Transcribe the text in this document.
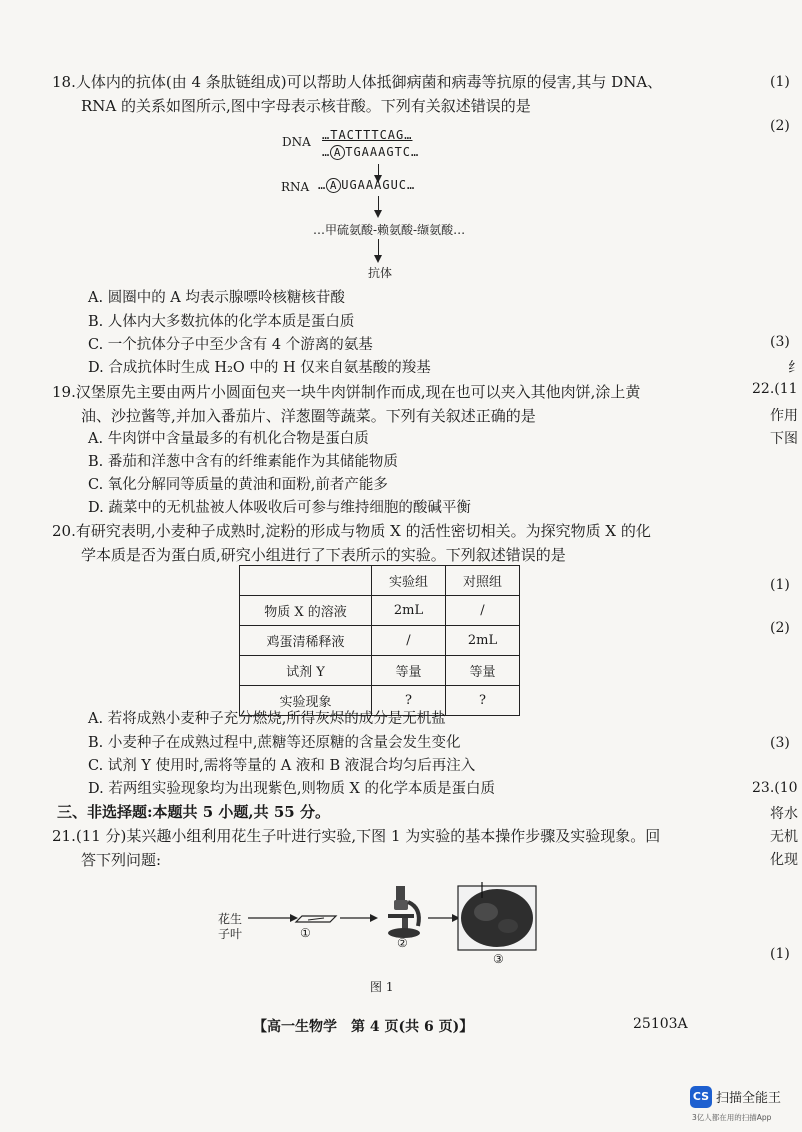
18.人体内的抗体(由 4 条肽链组成)可以帮助人体抵御病菌和病毒等抗原的侵害,其与 DNA、
RNA 的关系如图所示,图中字母表示核苷酸。下列有关叙述错误的是
DNA …TACTTTCAG…
… A TGAAAGTC…
RNA … A UGAAAGUC…
…甲硫氨酸-赖氨酸-缬氨酸…
抗体
A. 圆圈中的 A 均表示腺嘌呤核糖核苷酸
B. 人体内大多数抗体的化学本质是蛋白质
C. 一个抗体分子中至少含有 4 个游离的氨基
D. 合成抗体时生成 H₂O 中的 H 仅来自氨基酸的羧基
19.汉堡原先主要由两片小圆面包夹一块牛肉饼制作而成,现在也可以夹入其他肉饼,涂上黄
油、沙拉酱等,并加入番茄片、洋葱圈等蔬菜。下列有关叙述正确的是
A. 牛肉饼中含量最多的有机化合物是蛋白质
B. 番茄和洋葱中含有的纤维素能作为其储能物质
C. 氧化分解同等质量的黄油和面粉,前者产能多
D. 蔬菜中的无机盐被人体吸收后可参与维持细胞的酸碱平衡
20.有研究表明,小麦种子成熟时,淀粉的形成与物质 X 的活性密切相关。为探究物质 X 的化
学本质是否为蛋白质,研究小组进行了下表所示的实验。下列叙述错误的是
	实验组	对照组
物质 X 的溶液	2mL	/
鸡蛋清稀释液	/	2mL
试剂 Y	等量	等量
实验现象	?	?
A. 若将成熟小麦种子充分燃烧,所得灰烬的成分是无机盐
B. 小麦种子在成熟过程中,蔗糖等还原糖的含量会发生变化
C. 试剂 Y 使用时,需将等量的 A 液和 B 液混合均匀后再注入
D. 若两组实验现象均为出现紫色,则物质 X 的化学本质是蛋白质
三、非选择题:本题共 5 小题,共 55 分。
21.(11 分)某兴趣小组利用花生子叶进行实验,下图 1 为实验的基本操作步骤及实验现象。回
答下列问题:
花生
子叶	①
②
③
图 1
【高一生物学　第 4 页(共 6 页)】	25103A
(1)
(2)
(3)
纟
22.(11
作用
下图
(1)
(2)
(3)
23.(10
将水
无机
化现
(1)
CS 扫描全能王
3亿人都在用的扫描App
